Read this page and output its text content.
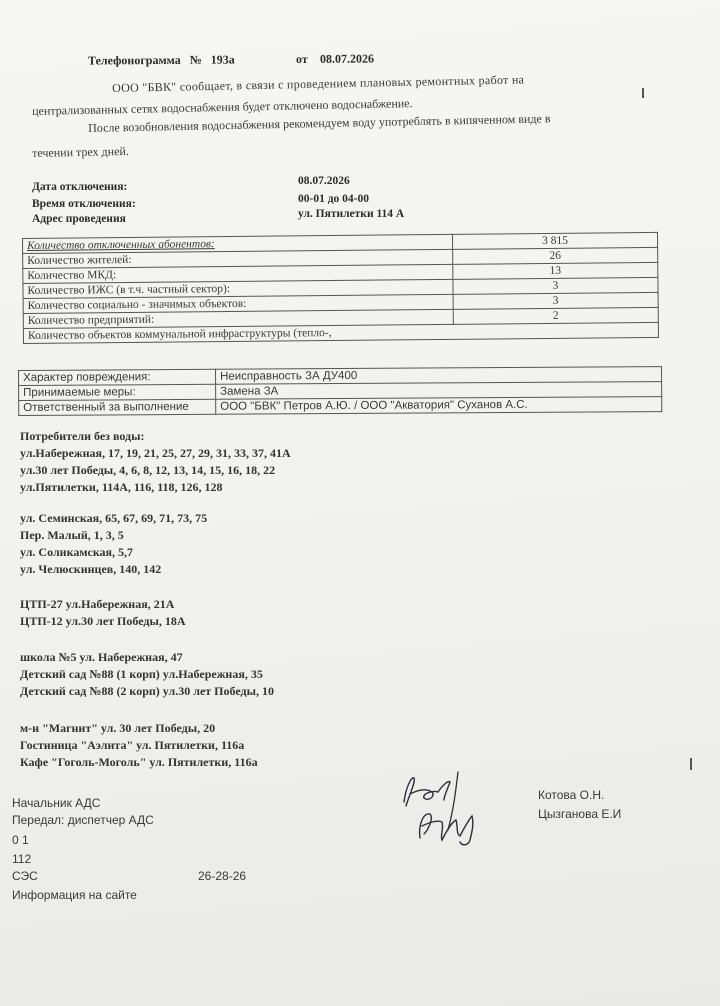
Телефонограмма № 193а	от 08.07.2026
ООО "БВК" сообщает, в связи с проведением плановых ремонтных работ на
централизованных сетях водоснабжения будет отключено водоснабжение.
После возобновления водоснабжения рекомендуем воду употреблять в кипяченном виде в
течении трех дней.
Дата отключения:	08.07.2026
Время отключения:	00-01 до 04-00
Адрес проведения	ул. Пятилетки 114 А
Количество отключенных абонентов:	3 815
Количество жителей:	26
Количество МКД:	13
Количество ИЖС (в т.ч. частный сектор):	3
Количество социально - значимых объектов:	3
Количество предприятий:	2
Количество объектов коммунальной инфраструктуры (тепло-,	
Характер повреждения:	Неисправность ЗА ДУ400
Принимаемые меры:	Замена ЗА
Ответственный за выполнение	ООО "БВК" Петров А.Ю. / ООО "Акватория" Суханов А.С.
Потребители без воды:
ул.Набережная, 17, 19, 21, 25, 27, 29, 31, 33, 37, 41А
ул.30 лет Победы, 4, 6, 8, 12, 13, 14, 15, 16, 18, 22
ул.Пятилетки, 114А, 116, 118, 126, 128
ул. Семинская, 65, 67, 69, 71, 73, 75
Пер. Малый, 1, 3, 5
ул. Соликамская, 5,7
ул. Челюскинцев, 140, 142
ЦТП-27 ул.Набережная, 21А
ЦТП-12 ул.30 лет Победы, 18А
школа №5 ул. Набережная, 47
Детский сад №88 (1 корп) ул.Набережная, 35
Детский сад №88 (2 корп) ул.30 лет Победы, 10
м-н "Магнит" ул. 30 лет Победы, 20
Гостиница "Аэлита" ул. Пятилетки, 116а
Кафе "Гоголь-Моголь" ул. Пятилетки, 116а
Начальник АДС
Передал: диспетчер АДС
0 1
112
СЭС	26-28-26
Информация на сайте
Котова О.Н.
Цызганова Е.И
